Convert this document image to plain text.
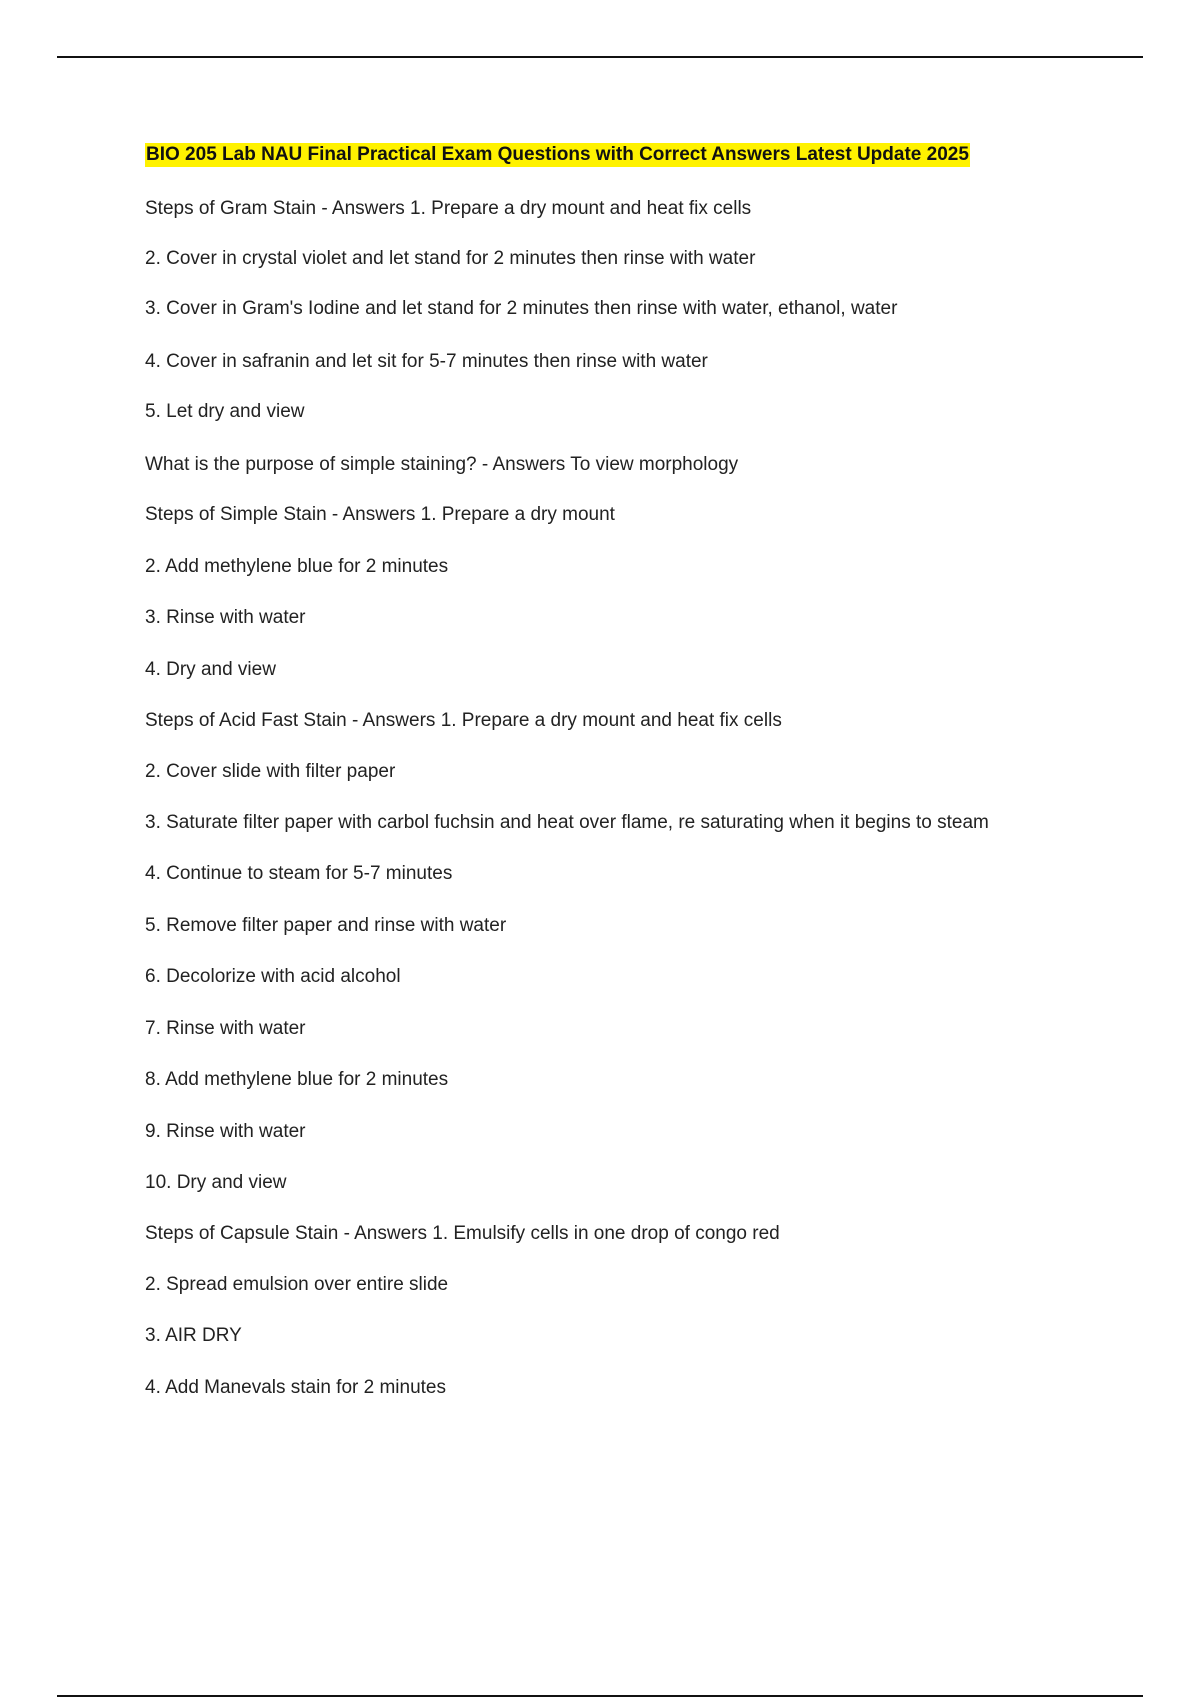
BIO 205 Lab NAU Final Practical Exam Questions with Correct Answers Latest Update 2025

Steps of Gram Stain - Answers 1. Prepare a dry mount and heat fix cells

2. Cover in crystal violet and let stand for 2 minutes then rinse with water

3. Cover in Gram's Iodine and let stand for 2 minutes then rinse with water, ethanol, water

4. Cover in safranin and let sit for 5-7 minutes then rinse with water

5. Let dry and view

What is the purpose of simple staining? - Answers To view morphology

Steps of Simple Stain - Answers 1. Prepare a dry mount

2. Add methylene blue for 2 minutes

3. Rinse with water

4. Dry and view

Steps of Acid Fast Stain - Answers 1. Prepare a dry mount and heat fix cells

2. Cover slide with filter paper

3. Saturate filter paper with carbol fuchsin and heat over flame, re saturating when it begins to steam

4. Continue to steam for 5-7 minutes

5. Remove filter paper and rinse with water

6. Decolorize with acid alcohol

7. Rinse with water

8. Add methylene blue for 2 minutes

9. Rinse with water

10. Dry and view

Steps of Capsule Stain - Answers 1. Emulsify cells in one drop of congo red

2. Spread emulsion over entire slide

3. AIR DRY

4. Add Manevals stain for 2 minutes
